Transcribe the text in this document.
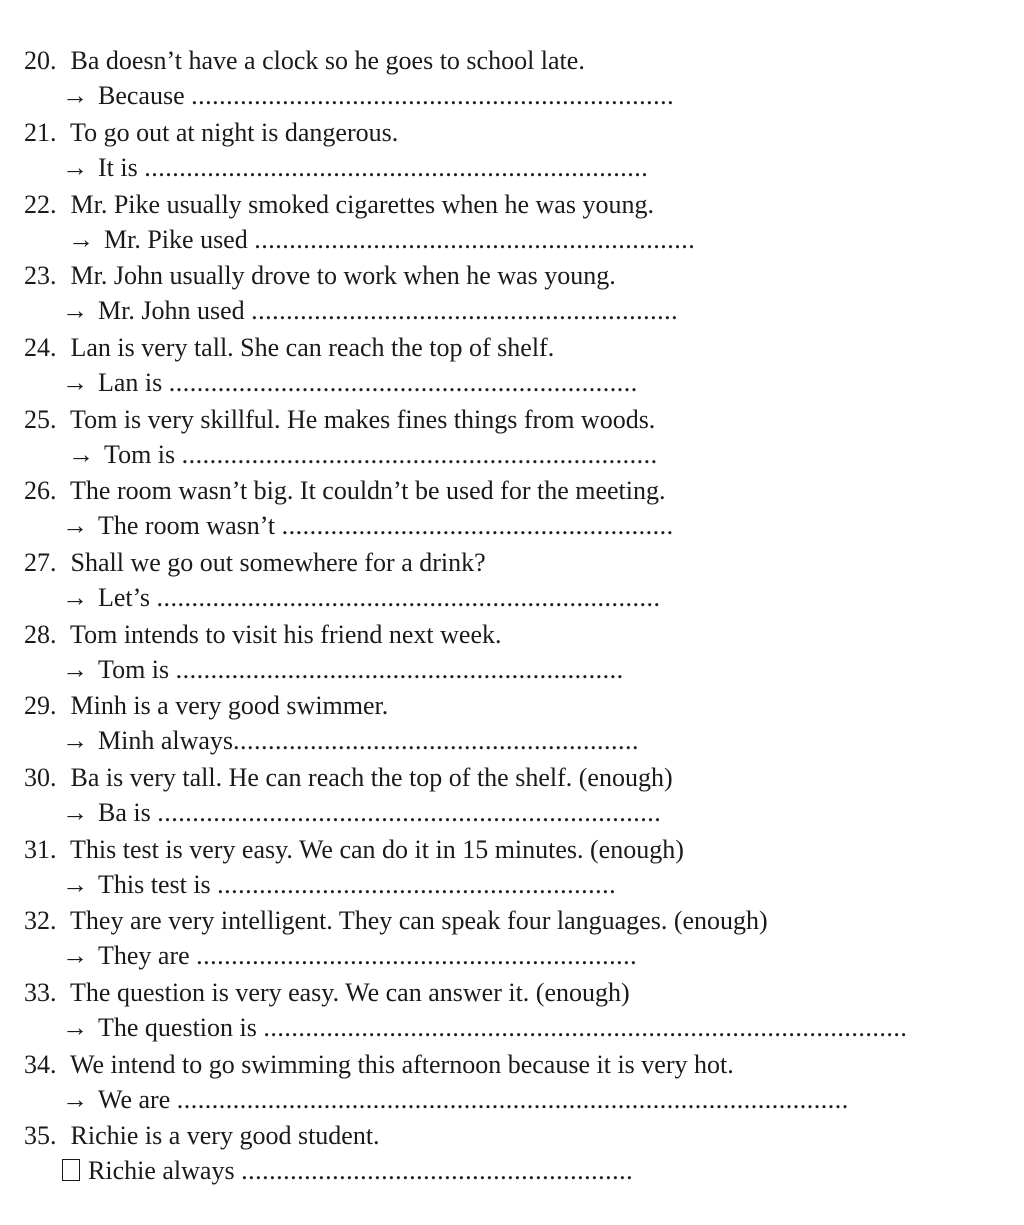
20. Ba doesn’t have a clock so he goes to school late.
→ Because .....................................................................
21. To go out at night is dangerous.
→ It is ........................................................................
22. Mr. Pike usually smoked cigarettes when he was young.
→ Mr. Pike used ...............................................................
23. Mr. John usually drove to work when he was young.
→ Mr. John used .............................................................
24. Lan is very tall. She can reach the top of shelf.
→ Lan is ...................................................................
25. Tom is very skillful. He makes fines things from woods.
→ Tom is ....................................................................
26. The room wasn’t big. It couldn’t be used for the meeting.
→ The room wasn’t ........................................................
27. Shall we go out somewhere for a drink?
→ Let’s ........................................................................
28. Tom intends to visit his friend next week.
→ Tom is ................................................................
29. Minh is a very good swimmer.
→ Minh always..........................................................
30. Ba is very tall. He can reach the top of the shelf. (enough)
→ Ba is ........................................................................
31. This test is very easy. We can do it in 15 minutes. (enough)
→ This test is .........................................................
32. They are very intelligent. They can speak four languages. (enough)
→ They are ...............................................................
33. The question is very easy. We can answer it. (enough)
→ The question is ............................................................................................
34. We intend to go swimming this afternoon because it is very hot.
→ We are ................................................................................................
35. Richie is a very good student.
Richie always ........................................................
